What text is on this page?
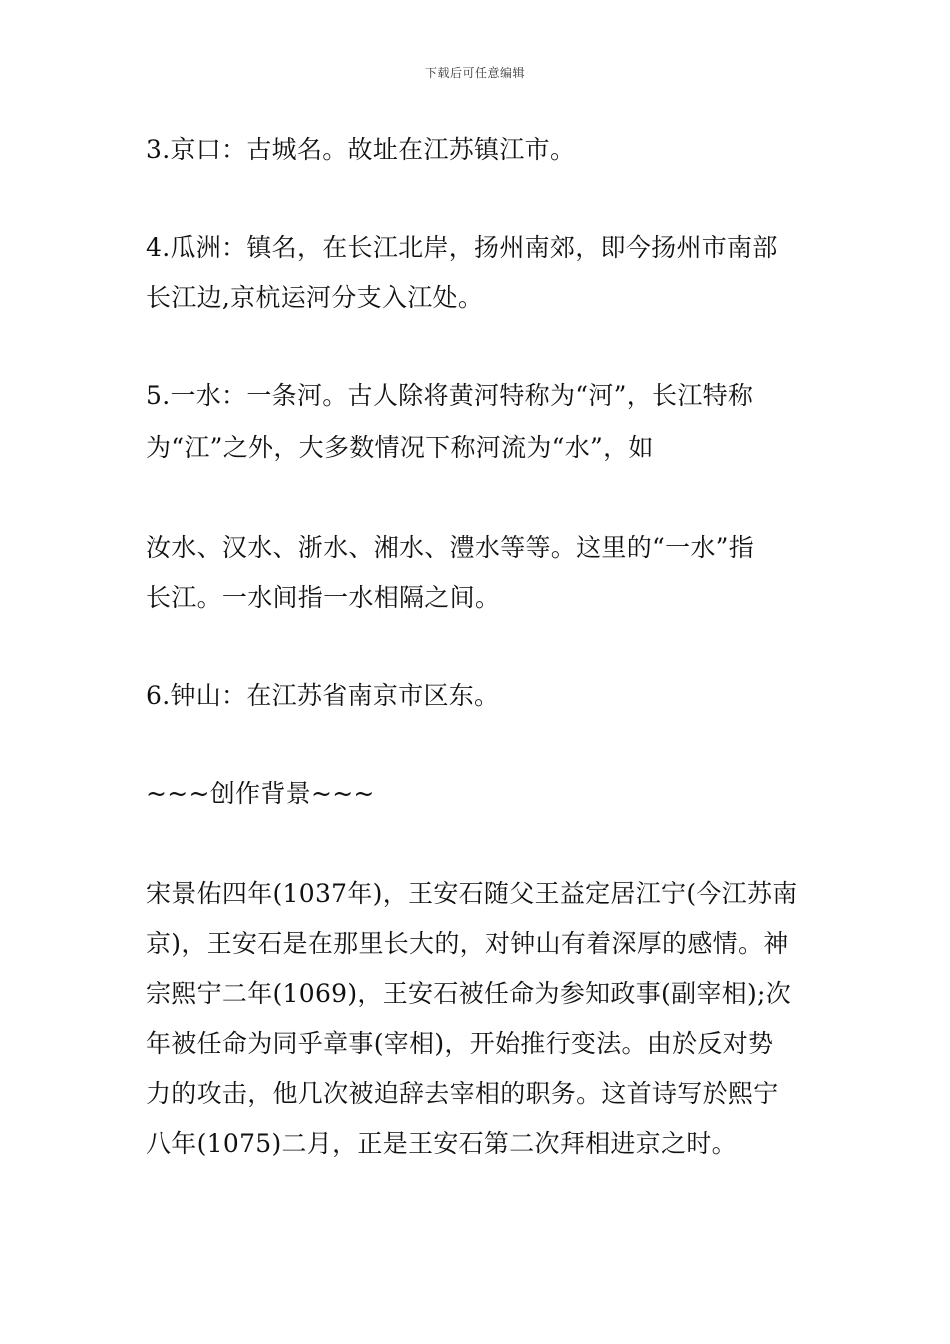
下载后可任意编辑
3.京口：古城名。故址在江苏镇江市。
4.瓜洲：镇名，在长江北岸，扬州南郊，即今扬州市南部
长江边,京杭运河分支入江处。
5.一水：一条河。古人除将黄河特称为“河”，长江特称
为“江”之外，大多数情况下称河流为“水”，如
汝水、汉水、浙水、湘水、澧水等等。这里的“一水”指
长江。一水间指一水相隔之间。
6.钟山：在江苏省南京市区东。
~~~创作背景~~~
宋景佑四年(1037年)，王安石随父王益定居江宁(今江苏南
京)，王安石是在那里长大的，对钟山有着深厚的感情。神
宗熙宁二年(1069)，王安石被任命为参知政事(副宰相);次
年被任命为同乎章事(宰相)，开始推行变法。由於反对势
力的攻击，他几次被迫辞去宰相的职务。这首诗写於熙宁
八年(1075)二月，正是王安石第二次拜相进京之时。
